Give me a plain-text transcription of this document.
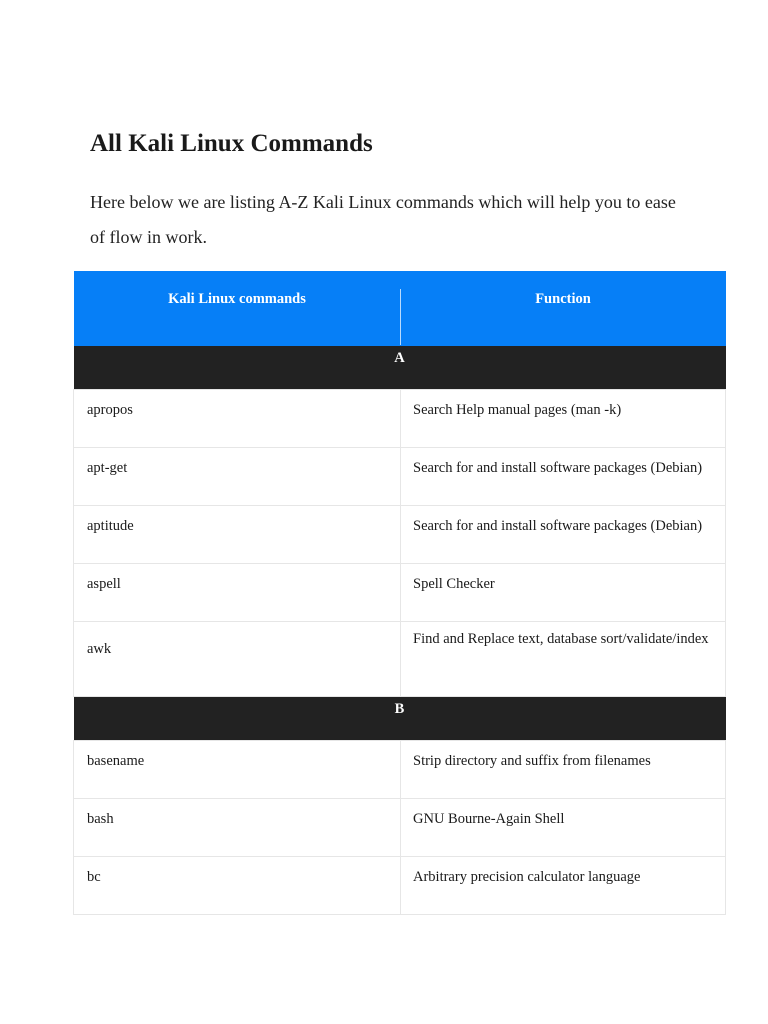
All Kali Linux Commands

Here below we are listing A-Z Kali Linux commands which will help you to ease of flow in work.

Kali Linux commands	Function

A	

apropos	Search Help manual pages (man -k)

apt-get	Search for and install software packages (Debian)

aptitude	Search for and install software packages (Debian)

aspell	Spell Checker

awk	Find and Replace text, database sort/validate/index

B	

basename	Strip directory and suffix from filenames

bash	GNU Bourne-Again Shell

bc	Arbitrary precision calculator language
